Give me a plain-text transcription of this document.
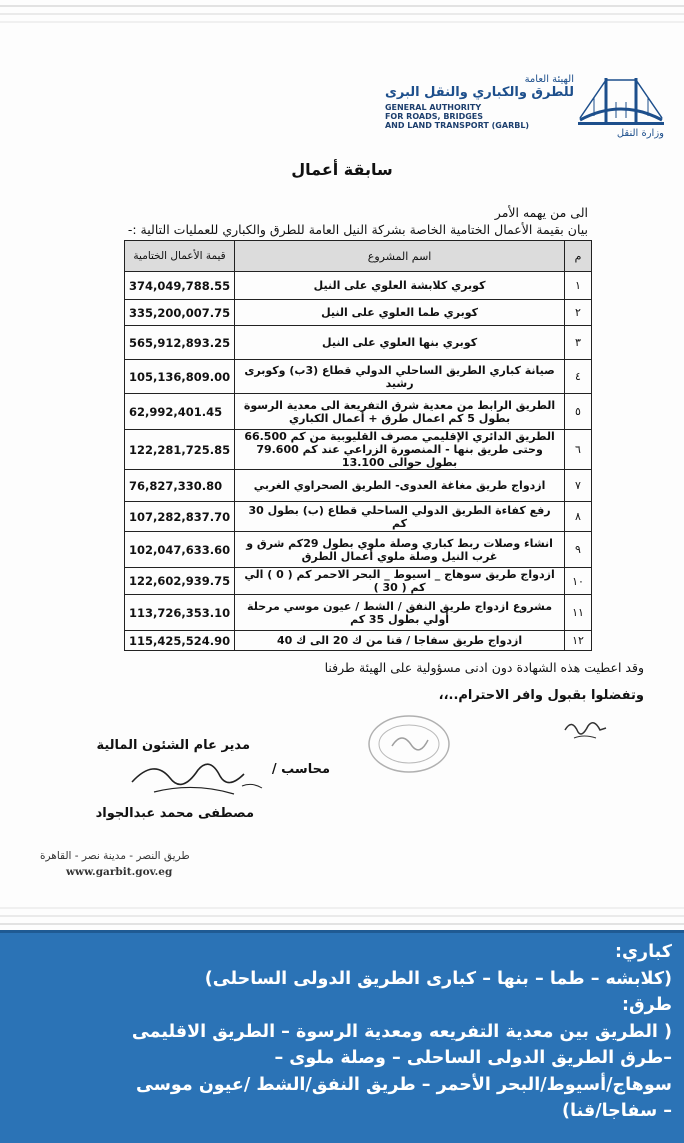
الهيئة العامة
للطرق والكباري والنقل البرى
GENERAL AUTHORITY
FOR ROADS, BRIDGES
AND LAND TRANSPORT (GARBL)
وزارة النقل
سابقة أعمال
الى من يهمه الأمر
بيان بقيمة الأعمال الختامية الخاصة بشركة النيل العامة للطرق والكباري للعمليات التالية :-
م	اسم المشروع	قيمة الأعمال الختامية
١	كوبري كلابشة العلوي على النيل	374,049,788.55
٢	كوبري طما العلوي على النيل	335,200,007.75
٣	كوبري بنها العلوي على النيل	565,912,893.25
٤	صيانة كباري الطريق الساحلي الدولي قطاع (3ب) وكوبرى رشيد	105,136,809.00
٥	الطريق الرابط من معدية شرق التفريعة الى معدية الرسوة بطول 5 كم اعمال طرق + أعمال الكباري	62,992,401.45
٦	الطريق الدائري الإقليمي مصرف القليوبية من كم 66.500 وحتى طريق بنها - المنصورة الزراعي عند كم 79.600 بطول حوالى 13.100	122,281,725.85
٧	ازدواج طريق مغاغة العدوى- الطريق الصحراوي الغربي	76,827,330.80
٨	رفع كفاءة الطريق الدولي الساحلي قطاع (ب) بطول 30 كم	107,282,837.70
٩	انشاء وصلات ربط كباري وصلة ملوي بطول 29كم شرق و غرب النيل وصلة ملوي أعمال الطرق	102,047,633.60
١٠	ازدواج طريق سوهاج _ اسيوط _ البحر الاحمر كم ( 0 ) الي كم ( 30 )	122,602,939.75
١١	مشروع ازدواج طريق النفق / الشط / عيون موسي مرحلة أولي بطول 35 كم	113,726,353.10
١٢	ازدواج طريق سفاجا / قنا من ك 20 الى ك 40	115,425,524.90
وقد اعطيت هذه الشهادة دون ادنى مسؤولية على الهيئة طرفنا
وتفضلوا بقبول وافر الاحترام..،،
مدير عام الشئون المالية
محاسب /
مصطفى محمد عبدالجواد
طريق النصر - مدينة نصر - القاهرة
www.garbit.gov.eg
كباري:
(كلابشه – طما – بنها – كبارى الطريق الدولى الساحلى)
طرق:
( الطريق بين معدية التفريعه ومعدية الرسوة – الطريق الاقليمى
–طرق الطريق الدولى الساحلى – وصلة ملوى –
سوهاج/أسيوط/البحر الأحمر – طريق النفق/الشط /عيون موسى
– سفاجا/قنا)
